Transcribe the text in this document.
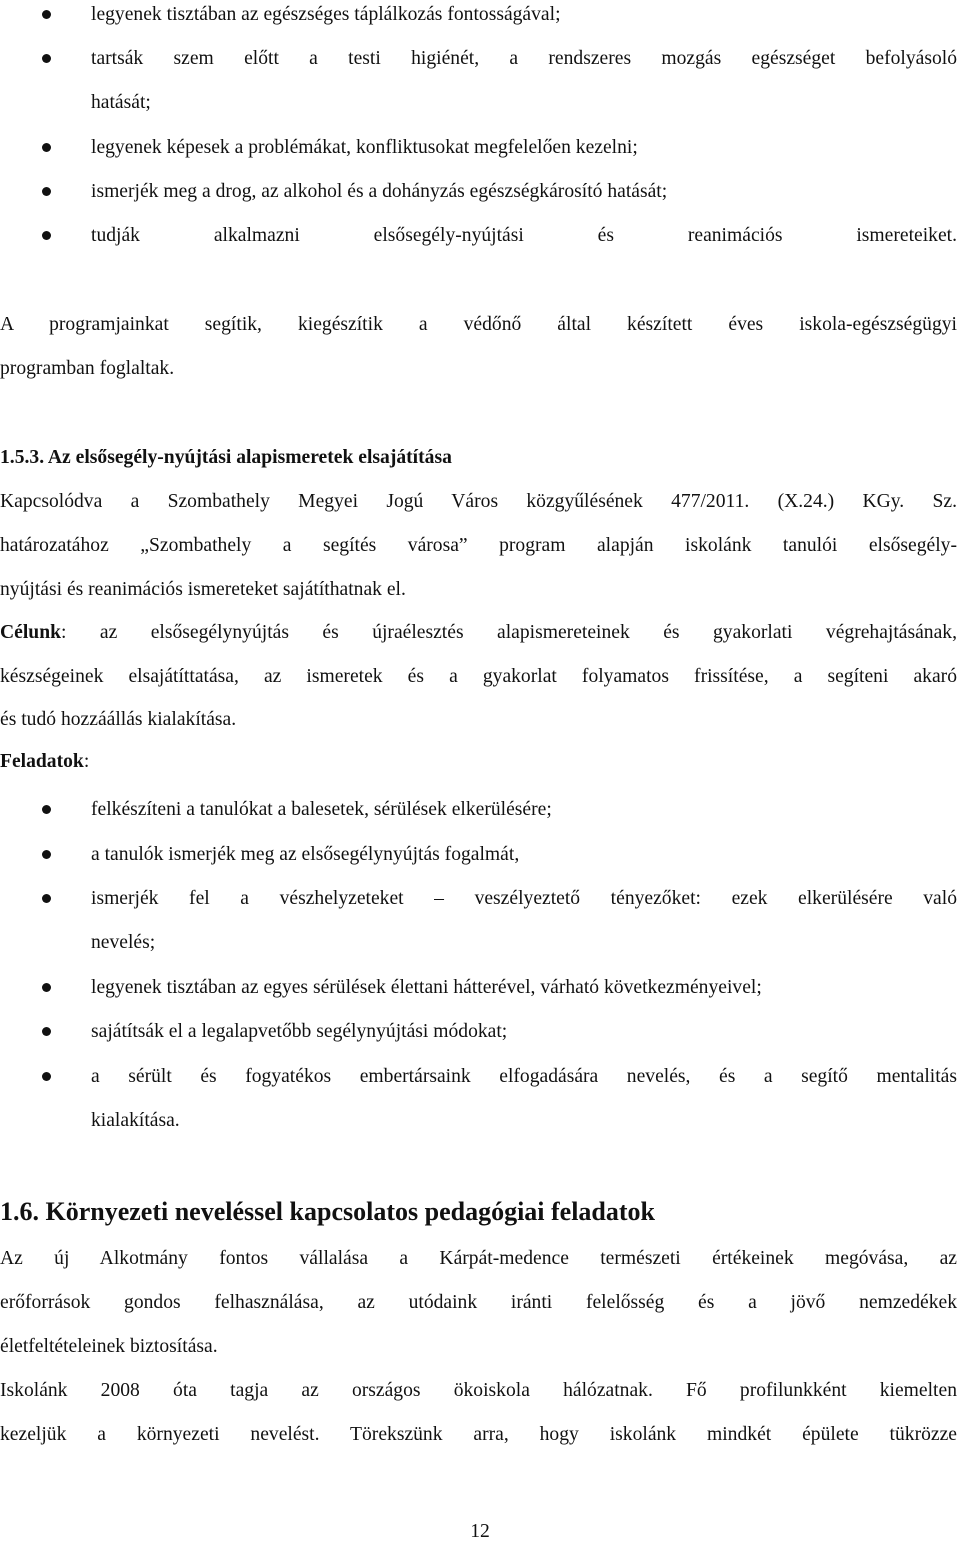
legyenek tisztában az egészséges táplálkozás fontosságával;
tartsák szem előtt a testi higiénét, a rendszeres mozgás egészséget befolyásoló
hatását;
legyenek képesek a problémákat, konfliktusokat megfelelően kezelni;
ismerjék meg a drog, az alkohol és a dohányzás egészségkárosító hatását;
tudják alkalmazni elsősegély-nyújtási és reanimációs ismereteiket.
A programjainkat segítik, kiegészítik a védőnő által készített éves iskola-egészségügyi
programban foglaltak.
1.5.3. Az elsősegély-nyújtási alapismeretek elsajátítása
Kapcsolódva a Szombathely Megyei Jogú Város közgyűlésének 477/2011. (X.24.) KGy. Sz.
határozatához „Szombathely a segítés városa” program alapján iskolánk tanulói elsősegély-
nyújtási és reanimációs ismereteket sajátíthatnak el.
Célunk: az elsősegélynyújtás és újraélesztés alapismereteinek és gyakorlati végrehajtásának,
készségeinek elsajátíttatása, az ismeretek és a gyakorlat folyamatos frissítése, a segíteni akaró
és tudó hozzáállás kialakítása.
Feladatok:
felkészíteni a tanulókat a balesetek, sérülések elkerülésére;
a tanulók ismerjék meg az elsősegélynyújtás fogalmát,
ismerjék fel a vészhelyzeteket – veszélyeztető tényezőket: ezek elkerülésére való
nevelés;
legyenek tisztában az egyes sérülések élettani hátterével, várható következményeivel;
sajátítsák el a legalapvetőbb segélynyújtási módokat;
a sérült és fogyatékos embertársaink elfogadására nevelés, és a segítő mentalitás
kialakítása.
1.6. Környezeti neveléssel kapcsolatos pedagógiai feladatok
Az új Alkotmány fontos vállalása a Kárpát-medence természeti értékeinek megóvása, az
erőforrások gondos felhasználása, az utódaink iránti felelősség és a jövő nemzedékek
életfeltételeinek biztosítása.
Iskolánk 2008 óta tagja az országos ökoiskola hálózatnak. Fő profilunkként kiemelten
kezeljük a környezeti nevelést. Törekszünk arra, hogy iskolánk mindkét épülete tükrözze
12
